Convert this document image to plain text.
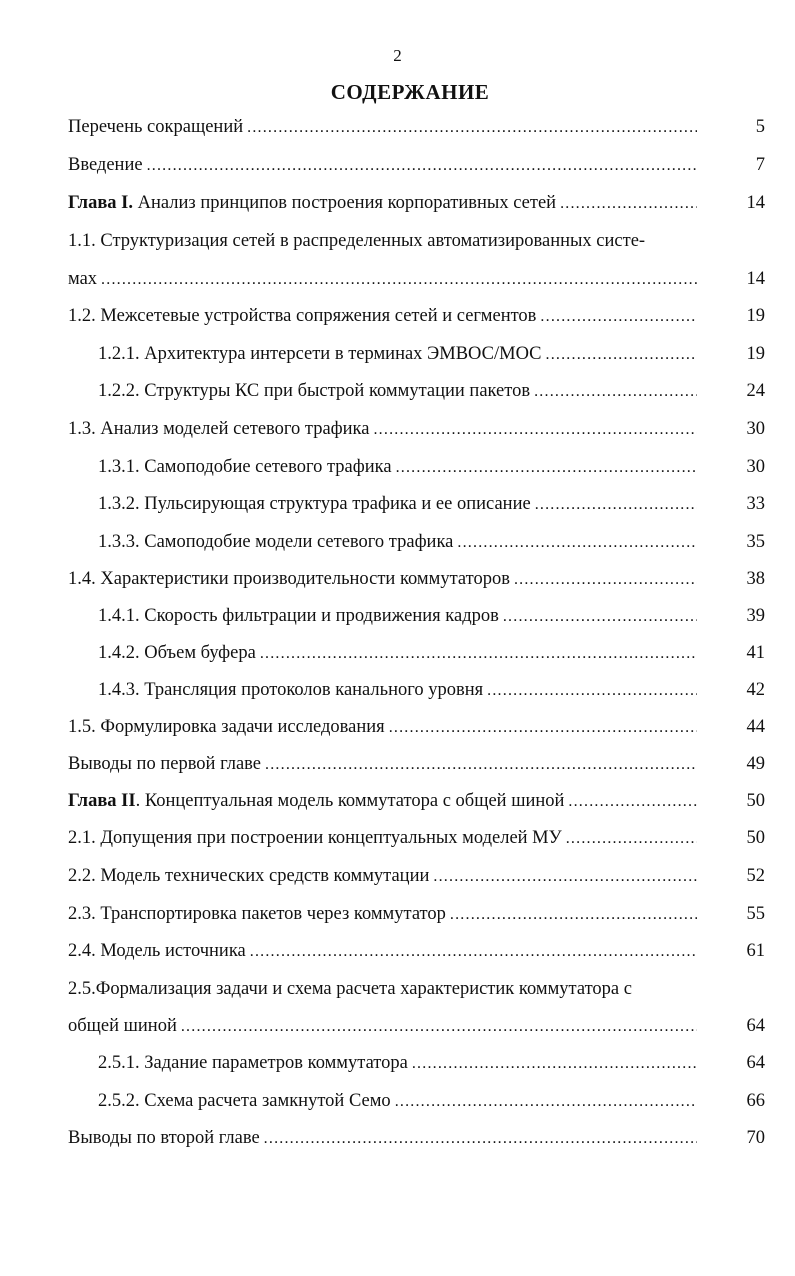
2
СОДЕРЖАНИЕ
Перечень сокращений .....	5
Введение .....	7
Глава I. Анализ принципов построения корпоративных сетей .....	14
1.1. Структуризация сетей в распределенных автоматизированных систе-
мах .....	14
1.2. Межсетевые устройства сопряжения сетей и сегментов .....	19
1.2.1. Архитектура интерсети в терминах ЭМВОС/МОС .....	19
1.2.2. Структуры КС при быстрой коммутации пакетов .....	24
1.3. Анализ моделей сетевого трафика .....	30
1.3.1. Самоподобие сетевого трафика .....	30
1.3.2. Пульсирующая структура трафика и ее описание .....	33
1.3.3. Самоподобие модели сетевого трафика .....	35
1.4. Характеристики производительности коммутаторов .....	38
1.4.1. Скорость фильтрации и продвижения кадров .....	39
1.4.2. Объем буфера .....	41
1.4.3. Трансляция протоколов канального уровня .....	42
1.5. Формулировка задачи исследования .....	44
Выводы по первой главе .....	49
Глава II. Концептуальная модель коммутатора с общей шиной .....	50
2.1. Допущения при построении концептуальных моделей МУ .....	50
2.2. Модель технических средств коммутации .....	52
2.3. Транспортировка пакетов через коммутатор .....	55
2.4. Модель источника .....	61
2.5.Формализация задачи и схема расчета характеристик коммутатора с
общей шиной .....	64
2.5.1. Задание параметров коммутатора .....	64
2.5.2. Схема расчета замкнутой Семо .....	66
Выводы по второй главе .....	70
